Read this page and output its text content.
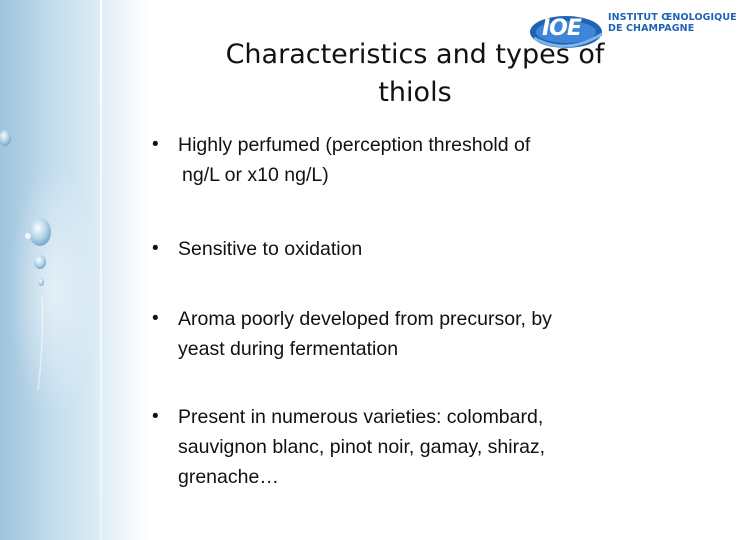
IOE	INSTITUT ŒNOLOGIQUE
DE CHAMPAGNE
Characteristics and types of
thiols
• Highly perfumed (perception threshold of
ng/L or x10 ng/L)
• Sensitive to oxidation
• Aroma poorly developed from precursor, by
yeast during fermentation
• Present in numerous varieties: colombard,
sauvignon blanc, pinot noir, gamay, shiraz,
grenache…
